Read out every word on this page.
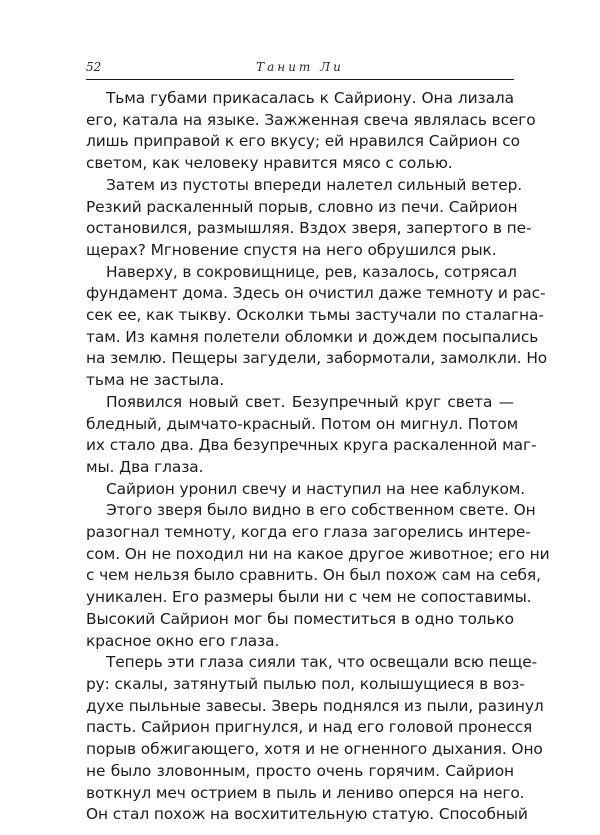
52	Танит Ли
Тьма губами прикасалась к Сайриону. Она лизала
его, катала на языке. Зажженная свеча являлась всего
лишь приправой к его вкусу; ей нравился Сайрион со
светом, как человеку нравится мясо с солью.
Затем из пустоты впереди налетел сильный ветер.
Резкий раскаленный порыв, словно из печи. Сайрион
остановился, размышляя. Вздох зверя, запертого в пе-
щерах? Мгновение спустя на него обрушился рык.
Наверху, в сокровищнице, рев, казалось, сотрясал
фундамент дома. Здесь он очистил даже темноту и рас-
сек ее, как тыкву. Осколки тьмы застучали по сталагна-
там. Из камня полетели обломки и дождем посыпались
на землю. Пещеры загудели, забормотали, замолкли. Но
тьма не застыла.
Появился новый свет. Безупречный круг света —
бледный, дымчато-красный. Потом он мигнул. Потом
их стало два. Два безупречных круга раскаленной маг-
мы. Два глаза.
Сайрион уронил свечу и наступил на нее каблуком.
Этого зверя было видно в его собственном свете. Он
разогнал темноту, когда его глаза загорелись интере-
сом. Он не походил ни на какое другое животное; его ни
с чем нельзя было сравнить. Он был похож сам на себя,
уникален. Его размеры были ни с чем не сопоставимы.
Высокий Сайрион мог бы поместиться в одно только
красное окно его глаза.
Теперь эти глаза сияли так, что освещали всю пеще-
ру: скалы, затянутый пылью пол, колышущиеся в воз-
духе пыльные завесы. Зверь поднялся из пыли, разинул
пасть. Сайрион пригнулся, и над его головой пронесся
порыв обжигающего, хотя и не огненного дыхания. Оно
не было зловонным, просто очень горячим. Сайрион
воткнул меч острием в пыль и лениво оперся на него.
Он стал похож на восхитительную статую. Способный
